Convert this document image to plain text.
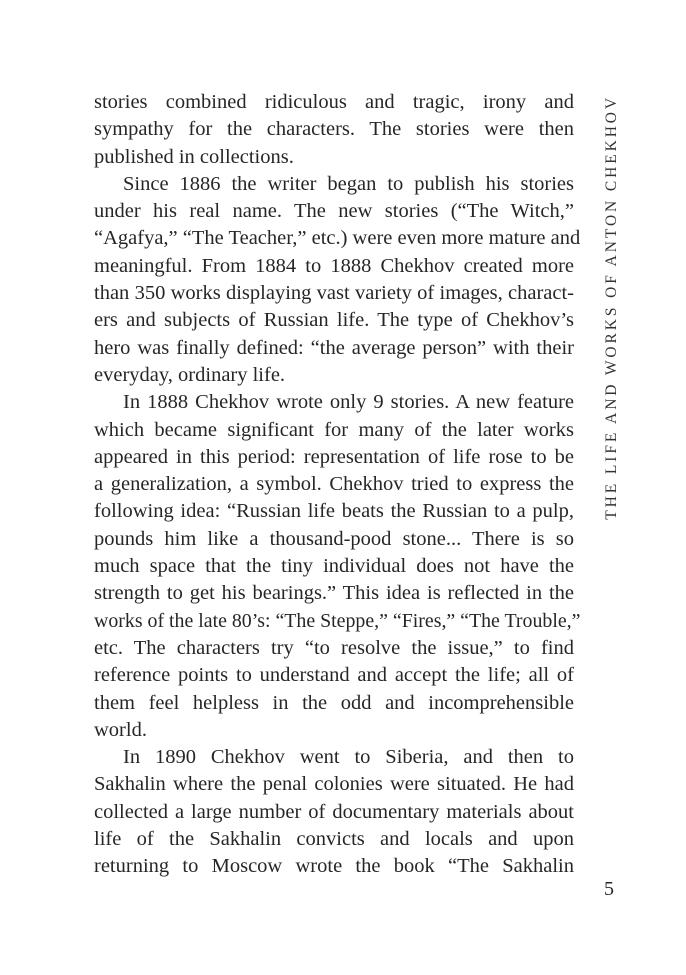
stories combined ridiculous and tragic, irony and
sympathy for the characters. The stories were then
published in collections.

Since 1886 the writer began to publish his stories
under his real name. The new stories (“The Witch,”
“Agafya,” “The Teacher,” etc.) were even more mature and
meaningful. From 1884 to 1888 Chekhov created more
than 350 works displaying vast variety of images, charact-
ers and subjects of Russian life. The type of Chekhov’s
hero was finally defined: “the average person” with their
everyday, ordinary life.

In 1888 Chekhov wrote only 9 stories. A new feature
which became significant for many of the later works
appeared in this period: representation of life rose to be
a generalization, a symbol. Chekhov tried to express the
following idea: “Russian life beats the Russian to a pulp,
pounds him like a thousand-pood stone... There is so
much space that the tiny individual does not have the
strength to get his bearings.” This idea is reflected in the
works of the late 80’s: “The Steppe,” “Fires,” “The Trouble,”
etc. The characters try “to resolve the issue,” to find
reference points to understand and accept the life; all of
them feel helpless in the odd and incomprehensible
world.

In 1890 Chekhov went to Siberia, and then to
Sakhalin where the penal colonies were situated. He had
collected a large number of documentary materials about
life of the Sakhalin convicts and locals and upon
returning to Moscow wrote the book “The Sakhalin

THE LIFE AND WORKS OF ANTON CHEKHOV
5
